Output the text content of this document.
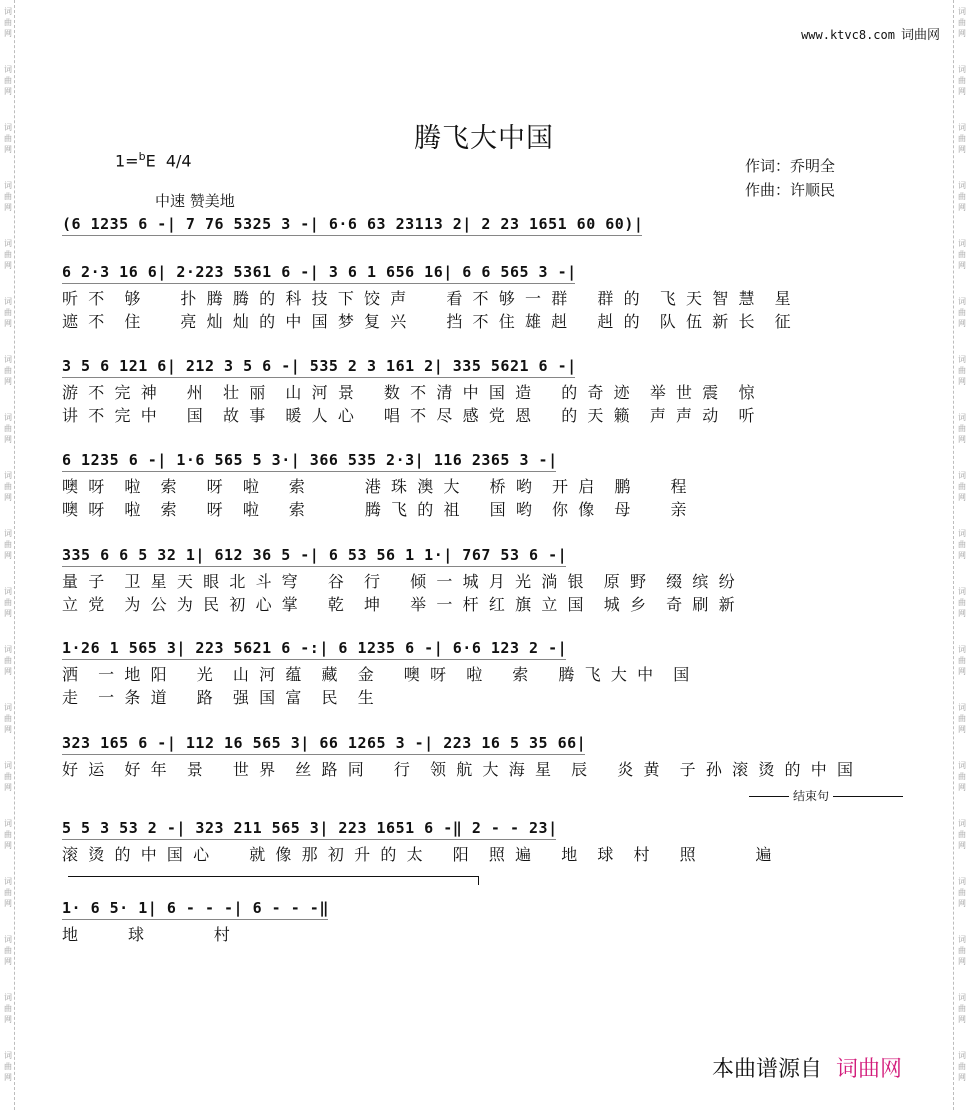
词
曲
网
词
曲
网
词
曲
网
词
曲
网
词
曲
网
词
曲
网
词
曲
网
词
曲
网
词
曲
网
词
曲
网
词
曲
网
词
曲
网
词
曲
网
词
曲
网
词
曲
网
词
曲
网
词
曲
网
词
曲
网
词
曲
网
词
曲
网
词
曲
网
词
曲
网
词
曲
网
词
曲
网
词
曲
网
词
曲
网
词
曲
网
词
曲
网
词
曲
网
词
曲
网
词
曲
网
词
曲
网
词
曲
网
词
曲
网
词
曲
网
词
曲
网
词
曲
网
词
曲
网
www.ktvc8.com 词曲网
腾飞大中国
1=$^b$E 4/4	作词：乔明全
作曲：许顺民
中速 赞美地
(6 1235 6 -| 7 76 5325 3 -| 6·6 63 23113 2| 2 23 1651 60 60)|
6 2·3 16 6| 2·223 5361 6 -| 3 6 1 656 16| 6 6 565 3 -|
听 不  够    扑 腾 腾 的 科 技 下 饺 声    看 不 够 一 群   群 的  飞 天 智 慧  星
遮 不  住    亮 灿 灿 的 中 国 梦 复 兴    挡 不 住 雄 赳   赳 的  队 伍 新 长  征
3 5 6 121 6| 212 3 5 6 -| 535 2 3 161 2| 335 5621 6 -|
游 不 完 神   州  壮 丽  山 河 景   数 不 清 中 国 造   的 奇 迹  举 世 震  惊
讲 不 完 中   国  故 事  暖 人 心   唱 不 尽 感 党 恩   的 天 籁  声 声 动  听
6 1235 6 -| 1·6 565 5 3·| 366 535 2·3| 116 2365 3 -|
噢 呀  啦  索   呀  啦   索      港 珠 澳 大   桥 哟  开 启  鹏    程
噢 呀  啦  索   呀  啦   索      腾 飞 的 祖   国 哟  你 像  母    亲
335 6 6 5 32 1| 612 36 5 -| 6 53 56 1 1·| 767 53 6 -|
量 子  卫 星 天 眼 北 斗 穹   谷  行   倾 一 城 月 光 淌 银  原 野  缀 缤 纷
立 党  为 公 为 民 初 心 掌   乾  坤   举 一 杆 红 旗 立 国  城 乡  奇 刷 新
1·26 1 565 3| 223 5621 6 -:| 6 1235 6 -| 6·6 123 2 -|
洒  一 地 阳   光  山 河 蕴  藏  金   噢 呀  啦   索   腾 飞 大 中  国
走  一 条 道   路  强 国 富  民  生
323 165 6 -| 112 16 565 3| 66 1265 3 -| 223 16 5 35 66|
好 运  好 年  景   世 界  丝 路 同   行  领 航 大 海 星  辰   炎 黄  子 孙 滚 烫 的 中 国
5 5 3 53 2 -| 323 211 565 3| 223 1651 6 -‖ 2 - - 23|
滚 烫 的 中 国 心    就 像 那 初 升 的 太   阳  照 遍   地  球  村   照      遍
1· 6 5· 1| 6 - - -| 6 - - -‖
地     球       村
结束句
本曲谱源自 词曲网
